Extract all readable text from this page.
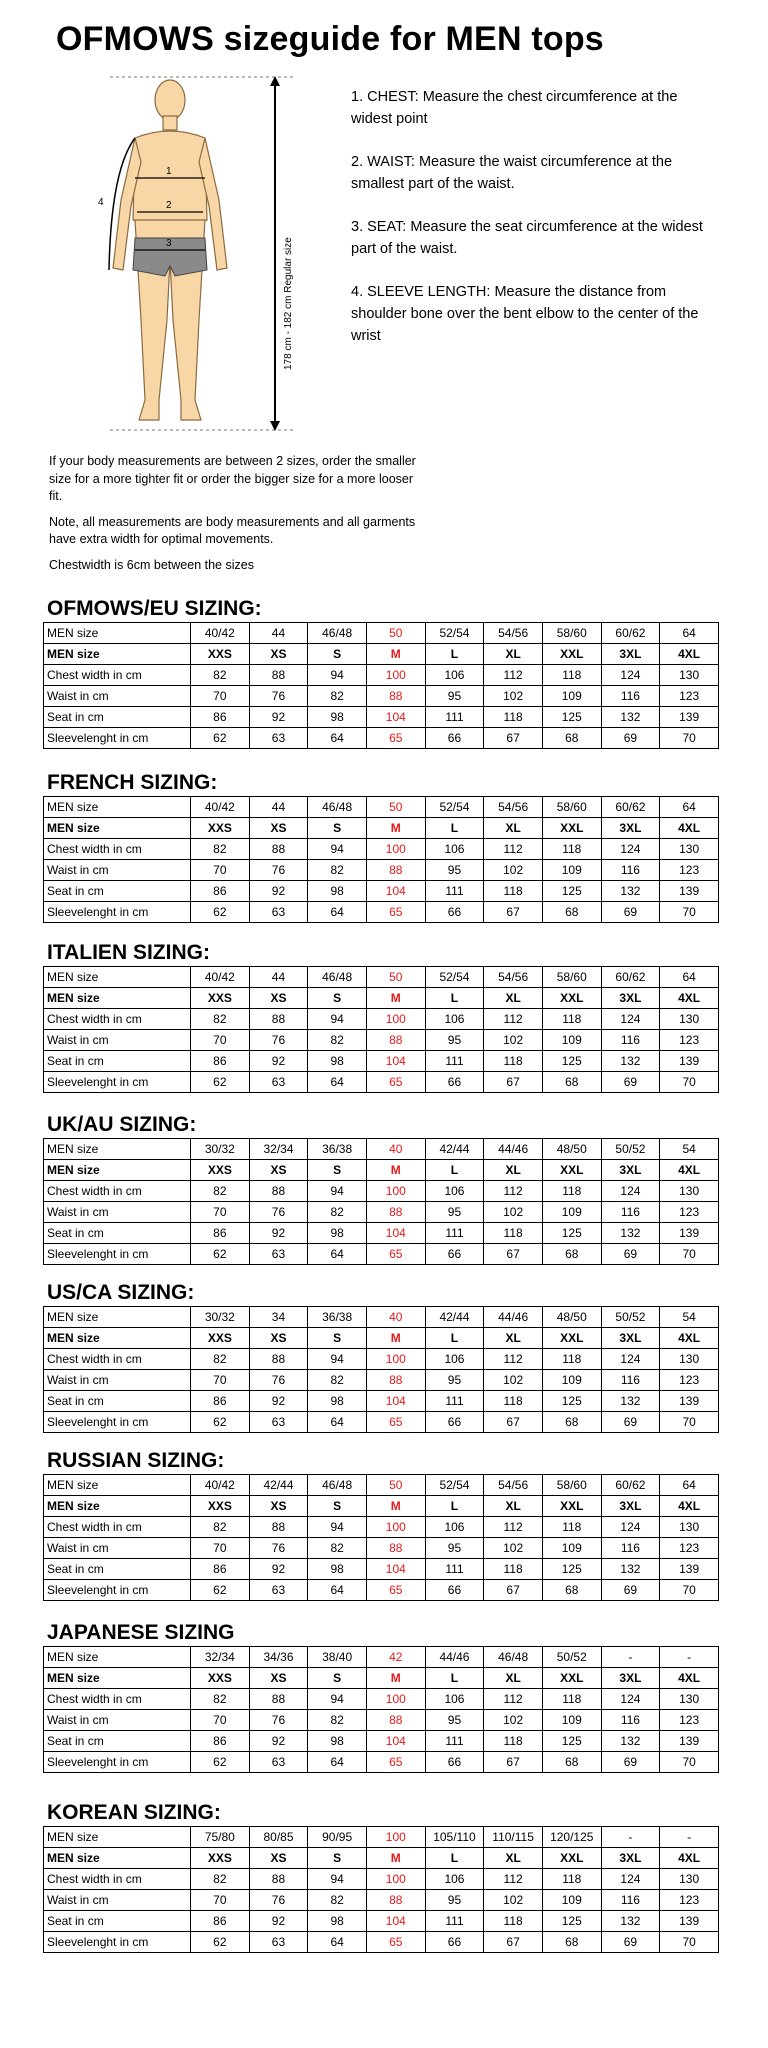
OFMOWS sizeguide for MEN tops
1
2
3
4
178 cm - 182 cm Regular size

1. CHEST: Measure the chest circumference at the widest point

2. WAIST: Measure the waist circumference at the smallest part of the waist.

3. SEAT: Measure the seat circumference at the widest part of the waist.

4. SLEEVE LENGTH: Measure the distance from shoulder bone over the bent elbow to the center of the wrist

If your body measurements are between 2 sizes, order the smaller size for a more tighter fit or order the bigger size for a more looser fit.

Note, all measurements are body measurements and all garments have extra width for optimal movements.

Chestwidth is 6cm between the sizes

OFMOWS/EU SIZING:
MEN size	40/42	44	46/48	50	52/54	54/56	58/60	60/62	64
MEN size	XXS	XS	S	M	L	XL	XXL	3XL	4XL
Chest width in cm	82	88	94	100	106	112	118	124	130
Waist in cm	70	76	82	88	95	102	109	116	123
Seat in cm	86	92	98	104	111	118	125	132	139
Sleevelenght in cm	62	63	64	65	66	67	68	69	70
FRENCH SIZING:
MEN size	40/42	44	46/48	50	52/54	54/56	58/60	60/62	64
MEN size	XXS	XS	S	M	L	XL	XXL	3XL	4XL
Chest width in cm	82	88	94	100	106	112	118	124	130
Waist in cm	70	76	82	88	95	102	109	116	123
Seat in cm	86	92	98	104	111	118	125	132	139
Sleevelenght in cm	62	63	64	65	66	67	68	69	70
ITALIEN SIZING:
MEN size	40/42	44	46/48	50	52/54	54/56	58/60	60/62	64
MEN size	XXS	XS	S	M	L	XL	XXL	3XL	4XL
Chest width in cm	82	88	94	100	106	112	118	124	130
Waist in cm	70	76	82	88	95	102	109	116	123
Seat in cm	86	92	98	104	111	118	125	132	139
Sleevelenght in cm	62	63	64	65	66	67	68	69	70
UK/AU SIZING:
MEN size	30/32	32/34	36/38	40	42/44	44/46	48/50	50/52	54
MEN size	XXS	XS	S	M	L	XL	XXL	3XL	4XL
Chest width in cm	82	88	94	100	106	112	118	124	130
Waist in cm	70	76	82	88	95	102	109	116	123
Seat in cm	86	92	98	104	111	118	125	132	139
Sleevelenght in cm	62	63	64	65	66	67	68	69	70
US/CA SIZING:
MEN size	30/32	34	36/38	40	42/44	44/46	48/50	50/52	54
MEN size	XXS	XS	S	M	L	XL	XXL	3XL	4XL
Chest width in cm	82	88	94	100	106	112	118	124	130
Waist in cm	70	76	82	88	95	102	109	116	123
Seat in cm	86	92	98	104	111	118	125	132	139
Sleevelenght in cm	62	63	64	65	66	67	68	69	70
RUSSIAN SIZING:
MEN size	40/42	42/44	46/48	50	52/54	54/56	58/60	60/62	64
MEN size	XXS	XS	S	M	L	XL	XXL	3XL	4XL
Chest width in cm	82	88	94	100	106	112	118	124	130
Waist in cm	70	76	82	88	95	102	109	116	123
Seat in cm	86	92	98	104	111	118	125	132	139
Sleevelenght in cm	62	63	64	65	66	67	68	69	70
JAPANESE SIZING
MEN size	32/34	34/36	38/40	42	44/46	46/48	50/52	-	-
MEN size	XXS	XS	S	M	L	XL	XXL	3XL	4XL
Chest width in cm	82	88	94	100	106	112	118	124	130
Waist in cm	70	76	82	88	95	102	109	116	123
Seat in cm	86	92	98	104	111	118	125	132	139
Sleevelenght in cm	62	63	64	65	66	67	68	69	70
KOREAN SIZING:
MEN size	75/80	80/85	90/95	100	105/110	110/115	120/125	-	-
MEN size	XXS	XS	S	M	L	XL	XXL	3XL	4XL
Chest width in cm	82	88	94	100	106	112	118	124	130
Waist in cm	70	76	82	88	95	102	109	116	123
Seat in cm	86	92	98	104	111	118	125	132	139
Sleevelenght in cm	62	63	64	65	66	67	68	69	70
